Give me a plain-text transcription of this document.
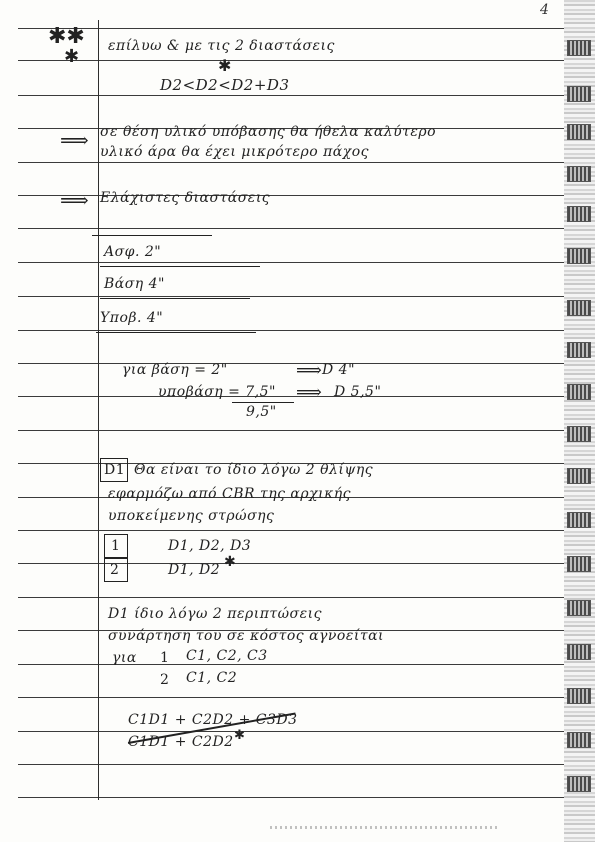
4
✱✱
✱ επίλυω & με τις 2 διαστάσεις
✱
D2<D2<D2+D3
⟹ σε θέση υλικό υπόβασης θα ήθελα καλύτερο
υλικό άρα θα έχει μικρότερο πάχος
⟹ Ελάχιστες διαστάσεις
Ασφ. 2"
Βάση 4"
Υποβ. 4"
για βάση = 2"	⟹ D 4"
υποβάση = 7,5" ⟹ D 5,5"
9,5"
D1 Θα είναι το ίδιο λόγω 2 θλίψης
εφαρμόζω από CBR της αρχικής
υποκείμενης στρώσης
1	D1, D2, D3
2	D1, D2 ✱
D1 ίδιο λόγω 2 περιπτώσεις
συνάρτηση του σε κόστος αγνοείται
για 1 C1, C2, C3
2 C1, C2
C1D1 + C2D2 + C3D3
C1D1 + C2D2 ✱
